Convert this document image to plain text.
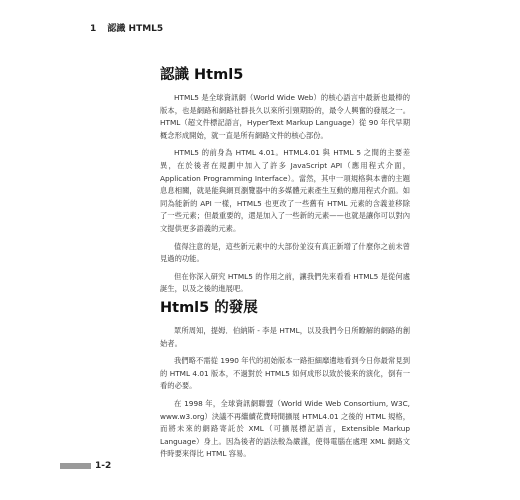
1 認識 HTML5
認識 Html5

HTML5 是全球資訊網（World Wide Web）的核心語言中最新也最棒的版本，也是網路和網路社群長久以來所引頸期盼的，最令人興奮的發展之一。HTML（超文件標記語言，HyperText Markup Language）從 90 年代早期概念形成開始，就一直是所有網路文件的核心部份。

HTML5 的前身為 HTML 4.01。HTML4.01 與 HTML 5 之間的主要差異，在於後者在規劃中加入了許多 JavaScript API（應用程式介面，Application Programming Interface）。當然，其中一項規格與本書的主題息息相關，就是能與網頁瀏覽器中的多媒體元素產生互動的應用程式介面。如同為能新的 API 一樣，HTML5 也更改了一些舊有 HTML 元素的含義並移除了一些元素；但最重要的，還是加入了一些新的元素——也就是讓你可以對內文提供更多語義的元素。

值得注意的是，這些新元素中的大部份並沒有真正新增了什麼你之前未曾見過的功能。

但在你深入研究 HTML5 的作用之前，讓我們先來看看 HTML5 是從何處誕生，以及之後的進展吧。

Html5 的發展

眾所周知，提姆．伯納斯 - 李是 HTML，以及我們今日所瞭解的網路的創始者。

我們略不需從 1990 年代的初始版本一路拒細靡遺地看到今日你最常見到的 HTML 4.01 版本，不過對於 HTML5 如何成形以致於後來的演化，倒有一看的必要。

在 1998 年，全球資訊網聯盟（World Wide Web Consortium, W3C, www.w3.org）決議不再繼續花費時間擴展 HTML4.01 之後的 HTML 規格，而將未來的網路寄託於 XML（可擴展標記語言，Extensible Markup Language）身上。因為後者的語法較為嚴謹，使得電腦在處理 XML 網路文件時要來得比 HTML 容易。

1-2
